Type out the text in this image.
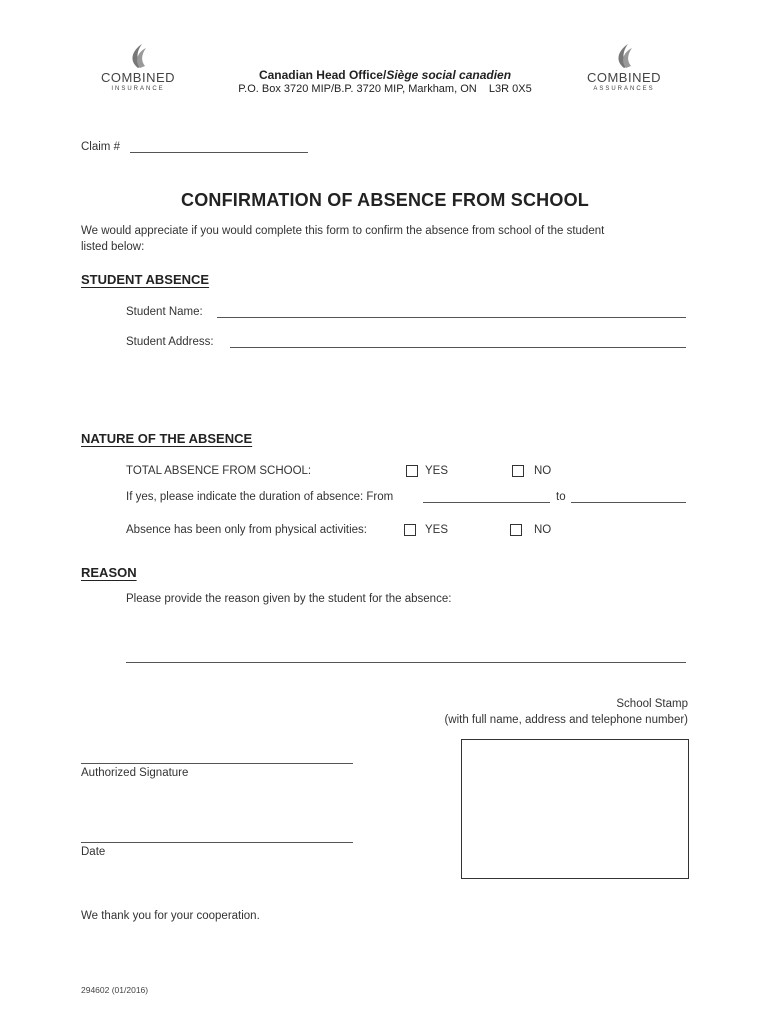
COMBINED
INSURANCE
Canadian Head Office/Siège social canadien
P.O. Box 3720 MIP/B.P. 3720 MIP, Markham, ON    L3R 0X5
COMBINED
ASSURANCES
Claim #
CONFIRMATION OF ABSENCE FROM SCHOOL
We would appreciate if you would complete this form to confirm the absence from school of the student
listed below:
STUDENT ABSENCE
Student Name:
Student Address:
NATURE OF THE ABSENCE
TOTAL ABSENCE FROM SCHOOL:	YES	NO
If yes, please indicate the duration of absence: From	to
Absence has been only from physical activities:	YES	NO
REASON
Please provide the reason given by the student for the absence:
School Stamp
(with full name, address and telephone number)
Authorized Signature
Date
We thank you for your cooperation.
294602 (01/2016)
